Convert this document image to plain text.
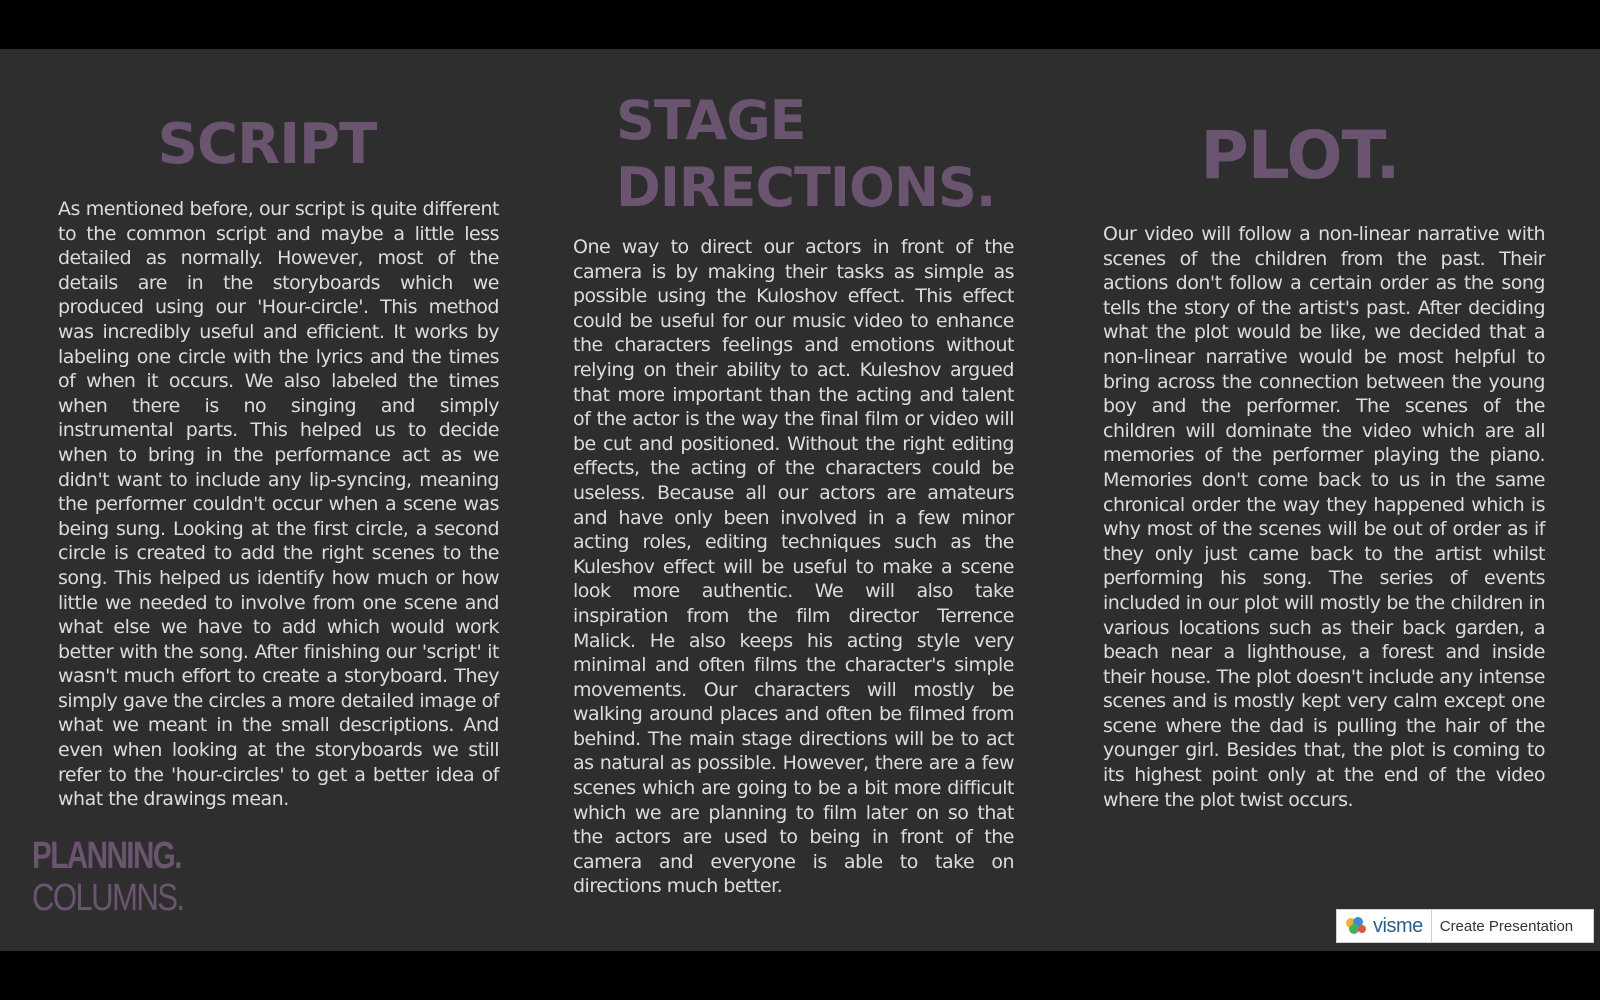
SCRIPT

As mentioned before, our script is quite different to the common script and maybe a little less detailed as normally. However, most of the details are in the storyboards which we produced using our 'Hour-circle'. This method was incredibly useful and efficient. It works by labeling one circle with the lyrics and the times of when it occurs. We also labeled the times when there is no singing and simply instrumental parts. This helped us to decide when to bring in the performance act as we didn't want to include any lip-syncing, meaning the performer couldn't occur when a scene was being sung. Looking at the first circle, a second circle is created to add the right scenes to the song. This helped us identify how much or how little we needed to involve from one scene and what else we have to add which would work better with the song. After finishing our 'script' it wasn't much effort to create a storyboard. They simply gave the circles a more detailed image of what we meant in the small descriptions. And even when looking at the storyboards we still refer to the 'hour-circles' to get a better idea of what the drawings mean.

STAGE
DIRECTIONS.

One way to direct our actors in front of the camera is by making their tasks as simple as possible using the Kuloshov effect. This effect could be useful for our music video to enhance the characters feelings and emotions without relying on their ability to act. Kuleshov argued that more important than the acting and talent of the actor is the way the final film or video will be cut and positioned. Without the right editing effects, the acting of the characters could be useless. Because all our actors are amateurs and have only been involved in a few minor acting roles, editing techniques such as the Kuleshov effect will be useful to make a scene look more authentic. We will also take inspiration from the film director Terrence Malick. He also keeps his acting style very minimal and often films the character's simple movements. Our characters will mostly be walking around places and often be filmed from behind. The main stage directions will be to act as natural as possible. However, there are a few scenes which are going to be a bit more difficult which we are planning to film later on so that the actors are used to being in front of the camera and everyone is able to take on directions much better.

PLOT.

Our video will follow a non-linear narrative with scenes of the children from the past. Their actions don't follow a certain order as the song tells the story of the artist's past. After deciding what the plot would be like, we decided that a non-linear narrative would be most helpful to bring across the connection between the young boy and the performer. The scenes of the children will dominate the video which are all memories of the performer playing the piano. Memories don't come back to us in the same chronical order the way they happened which is why most of the scenes will be out of order as if they only just came back to the artist whilst performing his song. The series of events included in our plot will mostly be the children in various locations such as their back garden, a beach near a lighthouse, a forest and inside their house. The plot doesn't include any intense scenes and is mostly kept very calm except one scene where the dad is pulling the hair of the younger girl. Besides that, the plot is coming to its highest point only at the end of the video where the plot twist occurs.

PLANNING.
COLUMNS.
visme	Create Presentation
